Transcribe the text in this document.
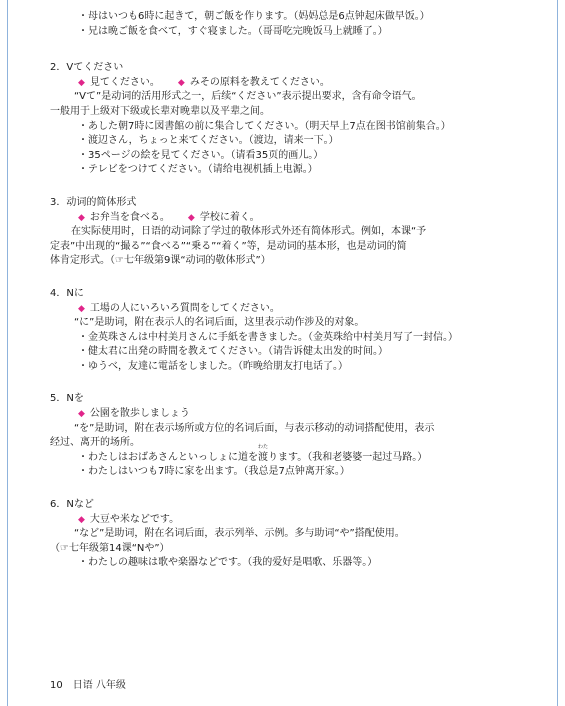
・母はいつも6時に起きて，朝ご飯を作ります。（妈妈总是6点钟起床做早饭。）
・兄は晩ご飯を食べて，すぐ寝ました。（哥哥吃完晚饭马上就睡了。）
2．Vてください
◆ 見てください。 ◆ みその原料を教えてください。
“Vて”是动词的活用形式之一，后续“ください”表示提出要求，含有命令语气。
一般用于上级对下级或长辈对晚辈以及平辈之间。
・あした朝7時に図書館の前に集合してください。（明天早上7点在图书馆前集合。）
・渡辺さん，ちょっと来てください。（渡边，请来一下。）
・35ページの絵を見てください。（请看35页的画儿。）
・テレビをつけてください。（请给电视机插上电源。）
3．动词的简体形式
◆ お弁当を食べる。 ◆ 学校に着く。
在实际使用时，日语的动词除了学过的敬体形式外还有简体形式。例如，本课“予
定表”中出现的“撮る”“食べる”“乗る”“着く”等，是动词的基本形，也是动词的简
体肯定形式。（☞七年级第9课“动词的敬体形式”）
4．Nに
◆ 工場の人にいろいろ質問をしてください。
“に”是助词，附在表示人的名词后面，这里表示动作涉及的对象。
・金英珠さんは中村美月さんに手紙を書きました。（金英珠给中村美月写了一封信。）
・健太君に出発の時間を教えてください。（请告诉健太出发的时间。）
・ゆうべ，友達に電話をしました。（昨晚给朋友打电话了。）
5．Nを
◆ 公園を散歩しましょう
“を”是助词，附在表示场所或方位的名词后面，与表示移动的动词搭配使用，表示
经过、离开的场所。
・わたしはおばあさんといっしょに道を
わた
渡ります。（我和老婆婆一起过马路。）
・わたしはいつも7時に家を出ます。（我总是7点钟离开家。）
6．Nなど
◆ 大豆や米などです。
“など”是助词，附在名词后面，表示列举、示例。多与助词“や”搭配使用。
（☞七年级第14课“Nや”）
・わたしの趣味は歌や楽器などです。（我的爱好是唱歌、乐器等。）
10 日语 八年级
